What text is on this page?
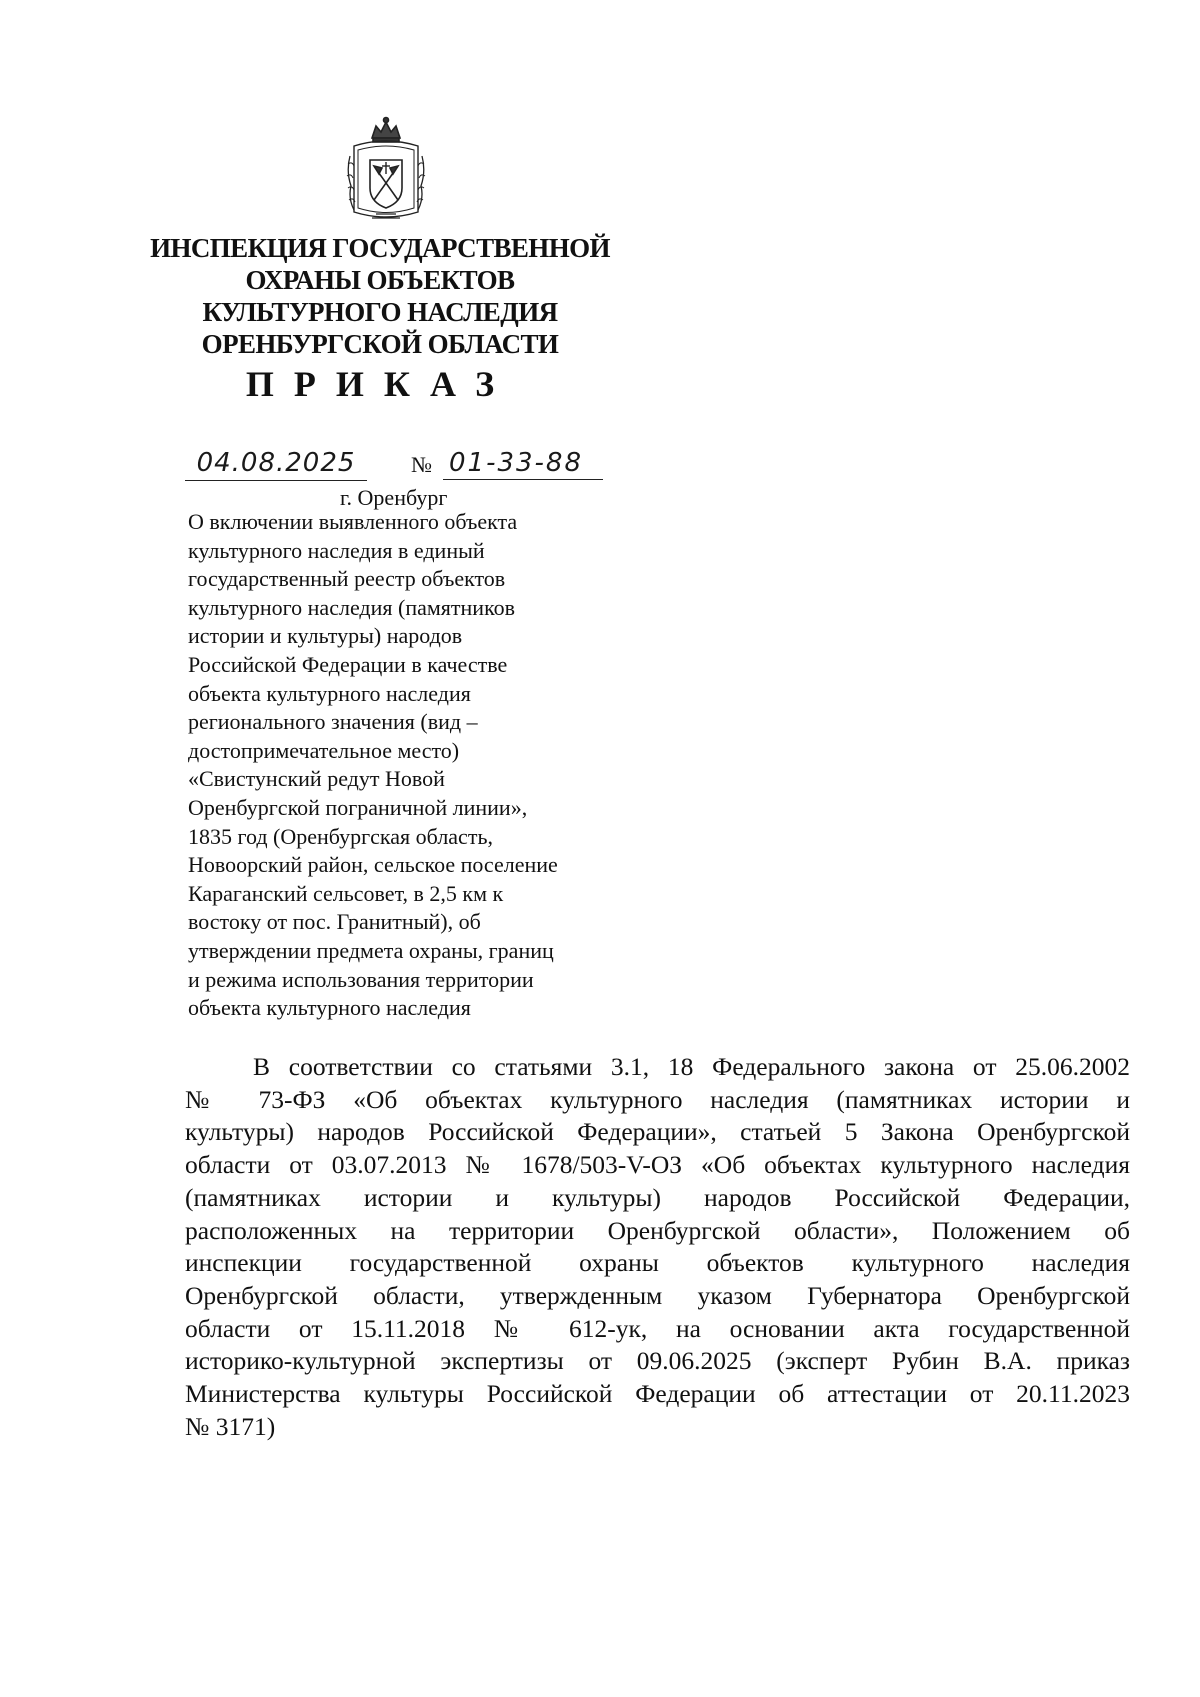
ИНСПЕКЦИЯ ГОСУДАРСТВЕННОЙ
ОХРАНЫ ОБЪЕКТОВ
КУЛЬТУРНОГО НАСЛЕДИЯ
ОРЕНБУРГСКОЙ ОБЛАСТИ
ПРИКАЗ
04.08.2025	№ 01-33-88
г. Оренбург
О включении выявленного объекта
культурного наследия в единый
государственный реестр объектов
культурного наследия (памятников
истории и культуры) народов
Российской Федерации в качестве
объекта культурного наследия
регионального значения (вид –
достопримечательное место)
«Свистунский редут Новой
Оренбургской пограничной линии»,
1835 год (Оренбургская область,
Новоорский район, сельское поселение
Караганский сельсовет, в 2,5 км к
востоку от пос. Гранитный), об
утверждении предмета охраны, границ
и режима использования территории
объекта культурного наследия
В соответствии со статьями 3.1, 18 Федерального закона от 25.06.2002
№ 73-ФЗ «Об объектах культурного наследия (памятниках истории и
культуры) народов Российской Федерации», статьей 5 Закона Оренбургской
области от 03.07.2013 № 1678/503-V-ОЗ «Об объектах культурного наследия
(памятниках истории и культуры) народов Российской Федерации,
расположенных на территории Оренбургской области», Положением об
инспекции государственной охраны объектов культурного наследия
Оренбургской области, утвержденным указом Губернатора Оренбургской
области от 15.11.2018 № 612-ук, на основании акта государственной
историко-культурной экспертизы от 09.06.2025 (эксперт Рубин В.А. приказ
Министерства культуры Российской Федерации об аттестации от 20.11.2023
№ 3171)
